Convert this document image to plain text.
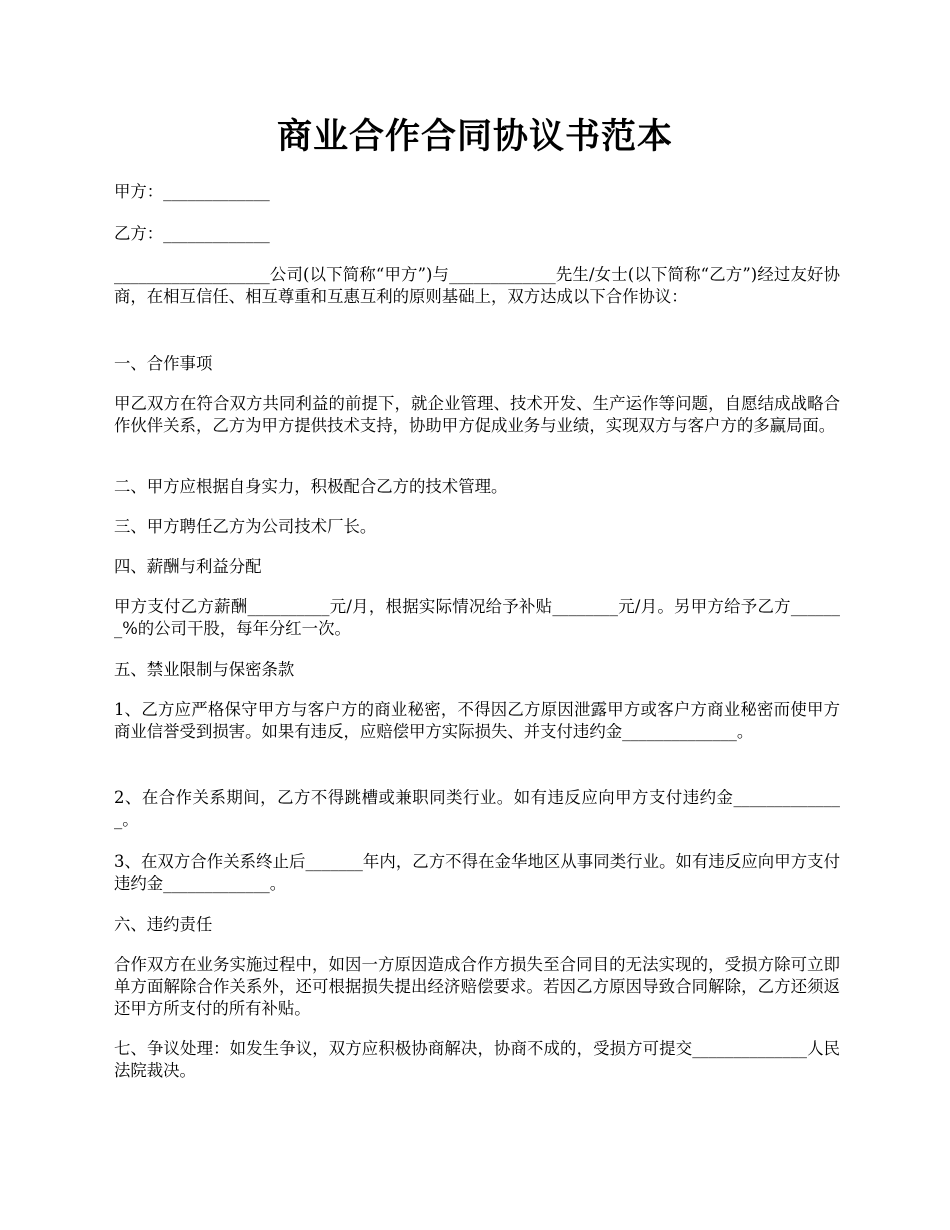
商业合作合同协议书范本

甲方：_____________

乙方：_____________

___________________公司(以下简称“甲方”)与_____________先生/女士(以下简称“乙方”)经过友好协商，在相互信任、相互尊重和互惠互利的原则基础上，双方达成以下合作协议：

一、合作事项

甲乙双方在符合双方共同利益的前提下，就企业管理、技术开发、生产运作等问题，自愿结成战略合作伙伴关系，乙方为甲方提供技术支持，协助甲方促成业务与业绩，实现双方与客户方的多赢局面。

二、甲方应根据自身实力，积极配合乙方的技术管理。

三、甲方聘任乙方为公司技术厂长。

四、薪酬与利益分配

甲方支付乙方薪酬__________元/月，根据实际情况给予补贴________元/月。另甲方给予乙方_______%的公司干股，每年分红一次。

五、禁业限制与保密条款

1、乙方应严格保守甲方与客户方的商业秘密，不得因乙方原因泄露甲方或客户方商业秘密而使甲方商业信誉受到损害。如果有违反，应赔偿甲方实际损失、并支付违约金______________。

2、在合作关系期间，乙方不得跳槽或兼职同类行业。如有违反应向甲方支付违约金______________。

3、在双方合作关系终止后_______年内，乙方不得在金华地区从事同类行业。如有违反应向甲方支付违约金_____________。

六、违约责任

合作双方在业务实施过程中，如因一方原因造成合作方损失至合同目的无法实现的，受损方除可立即单方面解除合作关系外，还可根据损失提出经济赔偿要求。若因乙方原因导致合同解除，乙方还须返还甲方所支付的所有补贴。

七、争议处理：如发生争议，双方应积极协商解决，协商不成的，受损方可提交______________人民法院裁决。
